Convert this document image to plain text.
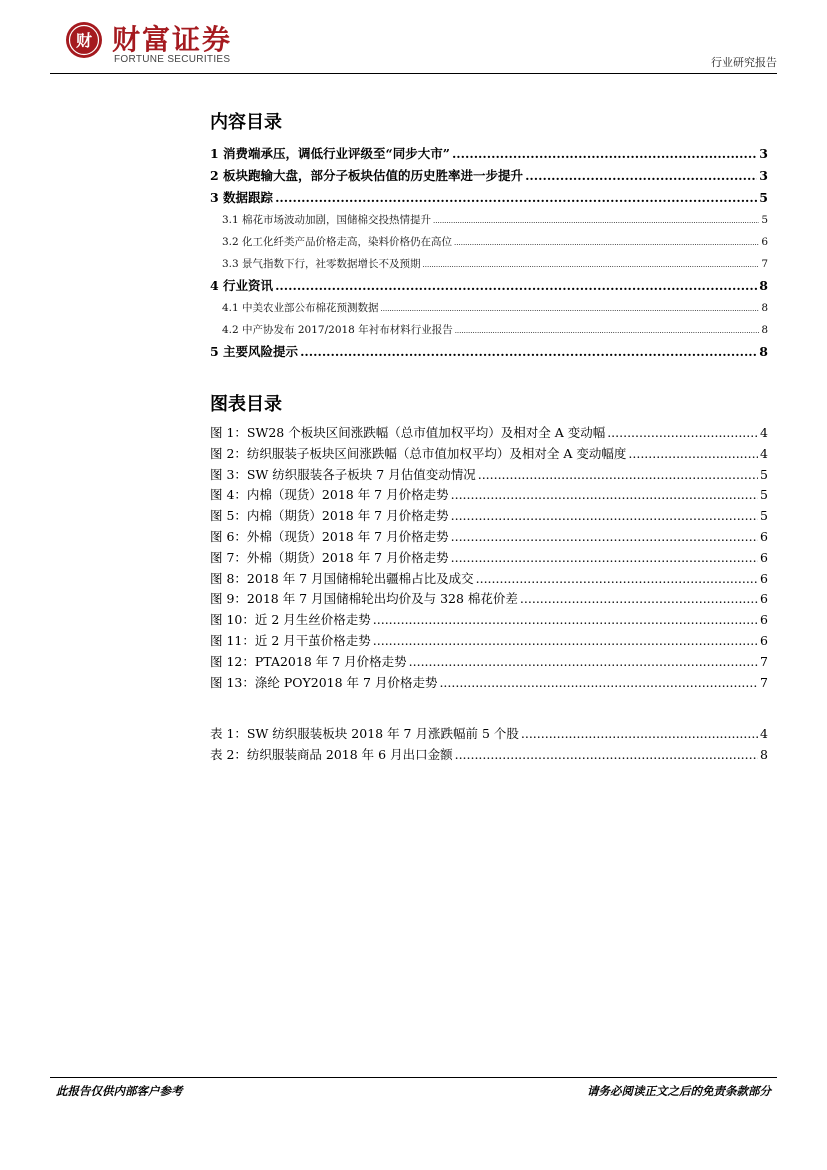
财 财富证券
FORTUNE SECURITIES	行业研究报告
内容目录
1 消费端承压，调低行业评级至“同步大市” .....	3
2 板块跑输大盘，部分子板块估值的历史胜率进一步提升 .....	3
3 数据跟踪 .....	5
3.1 棉花市场波动加剧，国储棉交投热情提升 .....	5
3.2 化工化纤类产品价格走高，染料价格仍在高位 .....	6
3.3 景气指数下行，社零数据增长不及预期 .....	7
4 行业资讯 .....	8
4.1 中美农业部公布棉花预测数据 .....	8
4.2 中产协发布 2017/2018 年衬布材料行业报告 .....	8
5 主要风险提示 .....	8
图表目录
图 1：SW28 个板块区间涨跌幅（总市值加权平均）及相对全 A 变动幅 .....	4
图 2：纺织服装子板块区间涨跌幅（总市值加权平均）及相对全 A 变动幅度 .....	4
图 3：SW 纺织服装各子板块 7 月估值变动情况 .....	5
图 4：内棉（现货）2018 年 7 月价格走势 .....	5
图 5：内棉（期货）2018 年 7 月价格走势 .....	5
图 6：外棉（现货）2018 年 7 月价格走势 .....	6
图 7：外棉（期货）2018 年 7 月价格走势 .....	6
图 8：2018 年 7 月国储棉轮出疆棉占比及成交 .....	6
图 9：2018 年 7 月国储棉轮出均价及与 328 棉花价差 .....	6
图 10：近 2 月生丝价格走势 .....	6
图 11：近 2 月干茧价格走势 .....	6
图 12：PTA2018 年 7 月价格走势 .....	7
图 13：涤纶 POY2018 年 7 月价格走势 .....	7
表 1：SW 纺织服装板块 2018 年 7 月涨跌幅前 5 个股 .....	4
表 2：纺织服装商品 2018 年 6 月出口金额 .....	8
此报告仅供内部客户参考	请务必阅读正文之后的免责条款部分
